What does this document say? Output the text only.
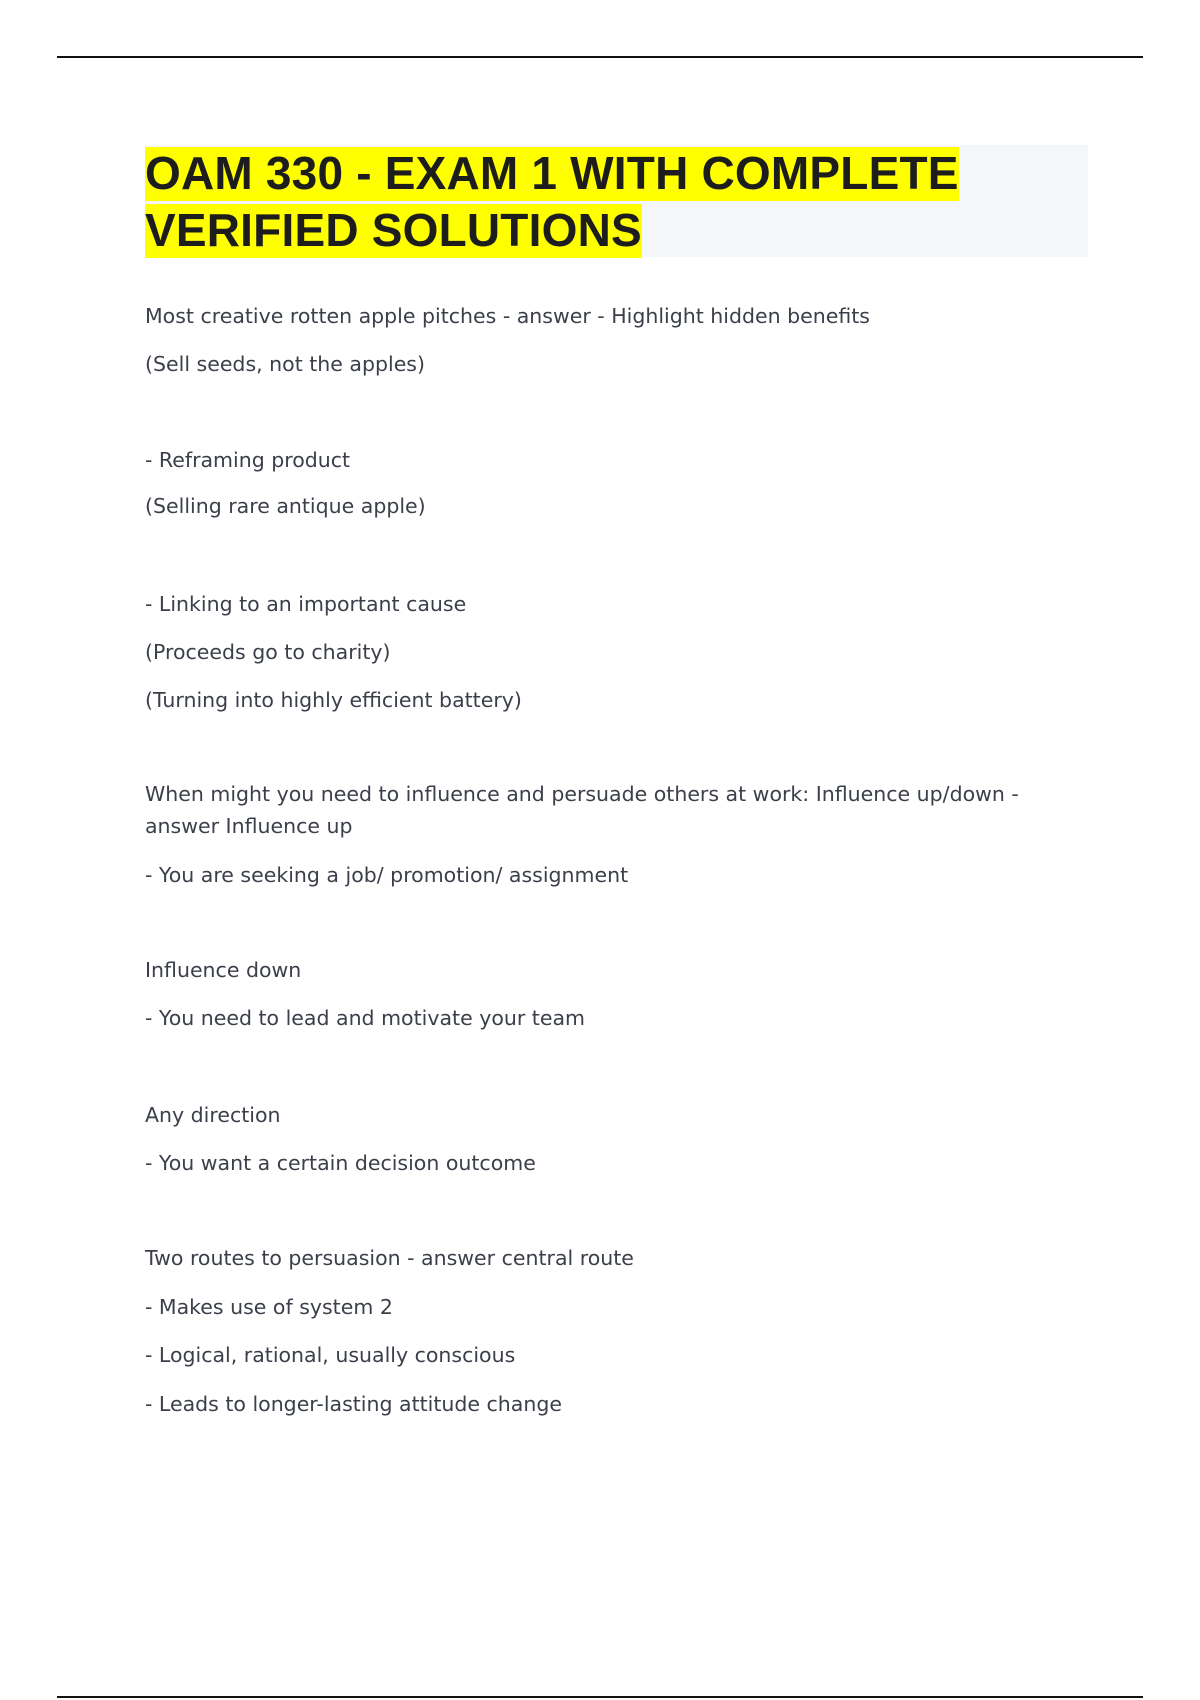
OAM 330 - EXAM 1 WITH COMPLETE VERIFIED SOLUTIONS
Most creative rotten apple pitches - answer - Highlight hidden benefits
(Sell seeds, not the apples)
- Reframing product
(Selling rare antique apple)
- Linking to an important cause
(Proceeds go to charity)
(Turning into highly efficient battery)
When might you need to influence and persuade others at work: Influence up/down - answer Influence up
- You are seeking a job/ promotion/ assignment
Influence down
- You need to lead and motivate your team
Any direction
- You want a certain decision outcome
Two routes to persuasion - answer central route
- Makes use of system 2
- Logical, rational, usually conscious
- Leads to longer-lasting attitude change
